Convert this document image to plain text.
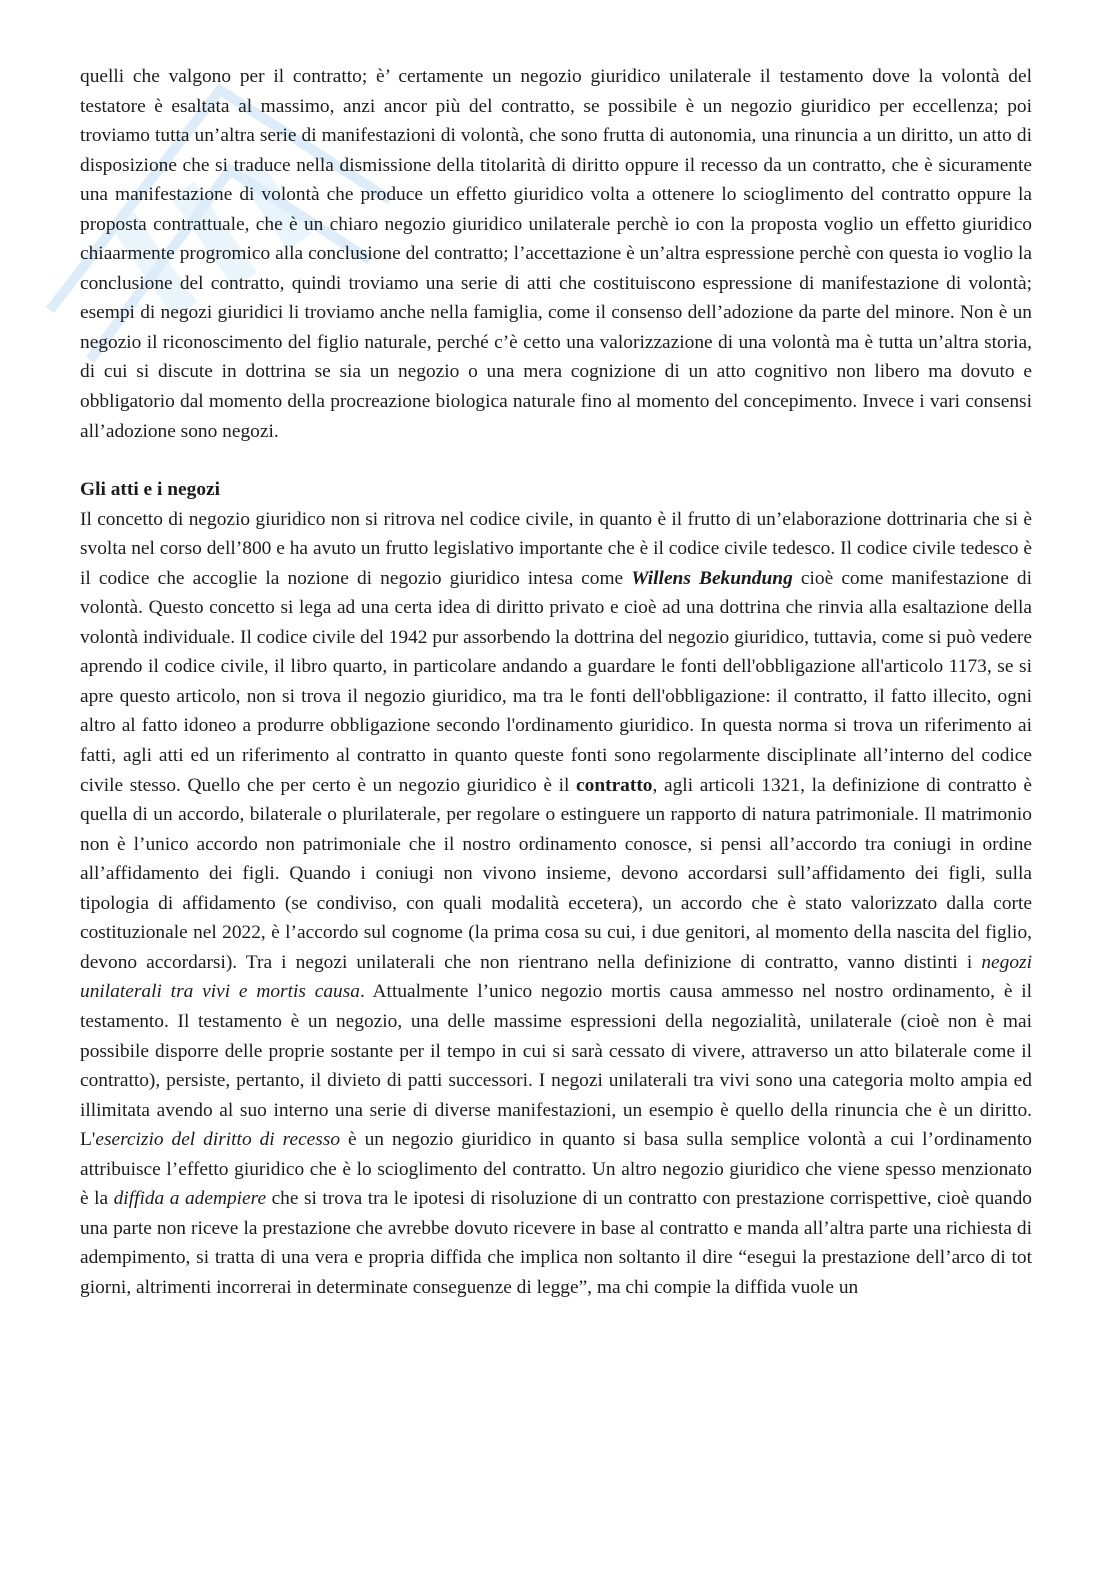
quelli che valgono per il contratto; è’ certamente un negozio giuridico unilaterale il testamento dove la volontà del testatore è esaltata al massimo, anzi ancor più del contratto, se possibile è un negozio giuridico per eccellenza; poi troviamo tutta un’altra serie di manifestazioni di volontà, che sono frutta di autonomia, una rinuncia a un diritto, un atto di disposizione che si traduce nella dismissione della titolarità di diritto oppure il recesso da un contratto, che è sicuramente una manifestazione di volontà che produce un effetto giuridico volta a ottenere lo scioglimento del contratto oppure la proposta contrattuale, che è un chiaro negozio giuridico unilaterale perchè io con la proposta voglio un effetto giuridico chiaarmente progromico alla conclusione del contratto; l’accettazione è un’altra espressione perchè con questa io voglio la conclusione del contratto, quindi troviamo una serie di atti che costituiscono espressione di manifestazione di volontà; esempi di negozi giuridici li troviamo anche nella famiglia, come il consenso dell’adozione da parte del minore. Non è un negozio il riconoscimento del figlio naturale, perché c’è cetto una valorizzazione di una volontà ma è tutta un’altra storia, di cui si discute in dottrina se sia un negozio o una mera cognizione di un atto cognitivo non libero ma dovuto e obbligatorio dal momento della procreazione biologica naturale fino al momento del concepimento. Invece i vari consensi all’adozione sono negozi.

Gli atti e i negozi

Il concetto di negozio giuridico non si ritrova nel codice civile, in quanto è il frutto di un’elaborazione dottrinaria che si è svolta nel corso dell’800 e ha avuto un frutto legislativo importante che è il codice civile tedesco. Il codice civile tedesco è il codice che accoglie la nozione di negozio giuridico intesa come Willens Bekundung cioè come manifestazione di volontà. Questo concetto si lega ad una certa idea di diritto privato e cioè ad una dottrina che rinvia alla esaltazione della volontà individuale. Il codice civile del 1942 pur assorbendo la dottrina del negozio giuridico, tuttavia, come si può vedere aprendo il codice civile, il libro quarto, in particolare andando a guardare le fonti dell'obbligazione all'articolo 1173, se si apre questo articolo, non si trova il negozio giuridico, ma tra le fonti dell'obbligazione: il contratto, il fatto illecito, ogni altro al fatto idoneo a produrre obbligazione secondo l'ordinamento giuridico. In questa norma si trova un riferimento ai fatti, agli atti ed un riferimento al contratto in quanto queste fonti sono regolarmente disciplinate all’interno del codice civile stesso. Quello che per certo è un negozio giuridico è il contratto, agli articoli 1321, la definizione di contratto è quella di un accordo, bilaterale o plurilaterale, per regolare o estinguere un rapporto di natura patrimoniale. Il matrimonio non è l’unico accordo non patrimoniale che il nostro ordinamento conosce, si pensi all’accordo tra coniugi in ordine all’affidamento dei figli. Quando i coniugi non vivono insieme, devono accordarsi sull’affidamento dei figli, sulla tipologia di affidamento (se condiviso, con quali modalità eccetera), un accordo che è stato valorizzato dalla corte costituzionale nel 2022, è l’accordo sul cognome (la prima cosa su cui, i due genitori, al momento della nascita del figlio, devono accordarsi). Tra i negozi unilaterali che non rientrano nella definizione di contratto, vanno distinti i negozi unilaterali tra vivi e mortis causa. Attualmente l’unico negozio mortis causa ammesso nel nostro ordinamento, è il testamento. Il testamento è un negozio, una delle massime espressioni della negozialità, unilaterale (cioè non è mai possibile disporre delle proprie sostante per il tempo in cui si sarà cessato di vivere, attraverso un atto bilaterale come il contratto), persiste, pertanto, il divieto di patti successori. I negozi unilaterali tra vivi sono una categoria molto ampia ed illimitata avendo al suo interno una serie di diverse manifestazioni, un esempio è quello della rinuncia che è un diritto. L'esercizio del diritto di recesso è un negozio giuridico in quanto si basa sulla semplice volontà a cui l’ordinamento attribuisce l’effetto giuridico che è lo scioglimento del contratto. Un altro negozio giuridico che viene spesso menzionato è la diffida a adempiere che si trova tra le ipotesi di risoluzione di un contratto con prestazione corrispettive, cioè quando una parte non riceve la prestazione che avrebbe dovuto ricevere in base al contratto e manda all’altra parte una richiesta di adempimento, si tratta di una vera e propria diffida che implica non soltanto il dire “esegui la prestazione dell’arco di tot giorni, altrimenti incorrerai in determinate conseguenze di legge”, ma chi compie la diffida vuole un
